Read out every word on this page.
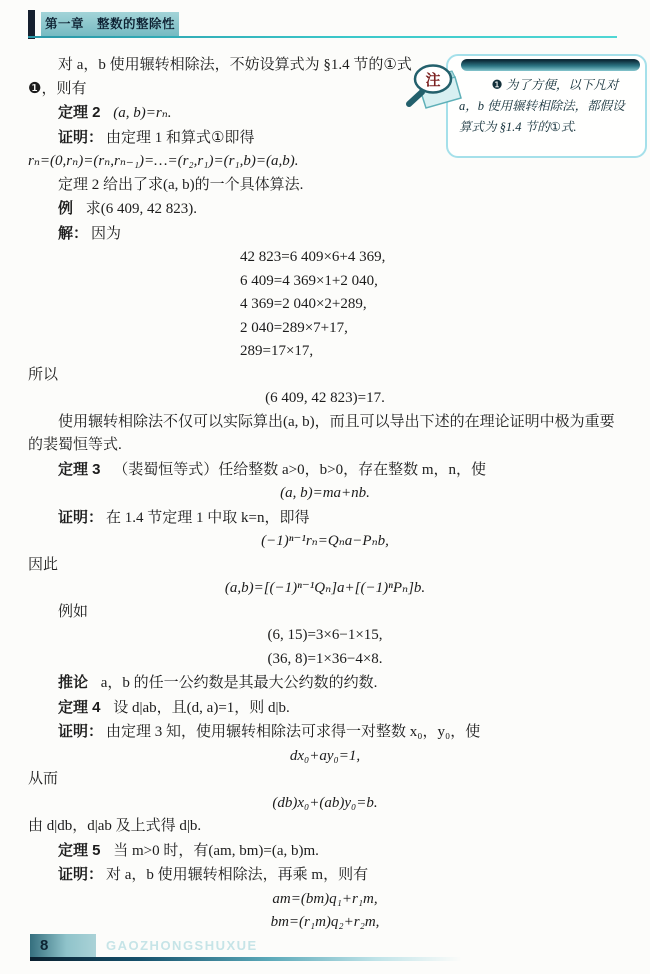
第一章　整数的整除性

❶ 为了方便，以下凡对 a，b 使用辗转相除法，都假设算式为 §1.4 节的①式.

注

对 a，b 使用辗转相除法，不妨设算式为 §1.4 节的①式❶，则有

定理 2 (a, b)=rₙ.

证明： 由定理 1 和算式①即得

rₙ=(0,rₙ)=(rₙ,rₙ₋₁)=…=(r₂,r₁)=(r₁,b)=(a,b).

定理 2 给出了求(a, b)的一个具体算法.

例 求(6 409, 42 823).

解： 因为

42 823=6 409×6+4 369,
6 409=4 369×1+2 040,
4 369=2 040×2+289,
2 040=289×7+17,
289=17×17,

所以

(6 409, 42 823)=17.

使用辗转相除法不仅可以实际算出(a, b)，而且可以导出下述的在理论证明中极为重要的裴蜀恒等式.

定理 3 （裴蜀恒等式）任给整数 a>0，b>0，存在整数 m，n，使

(a, b)=ma+nb.

证明： 在 1.4 节定理 1 中取 k=n，即得

(−1)ⁿ⁻¹rₙ=Qₙa−Pₙb,

因此

(a,b)=[(−1)ⁿ⁻¹Qₙ]a+[(−1)ⁿPₙ]b.

例如

(6, 15)=3×6−1×15,

(36, 8)=1×36−4×8.

推论 a，b 的任一公约数是其最大公约数的约数.

定理 4 设 d|ab，且(d, a)=1，则 d|b.

证明： 由定理 3 知，使用辗转相除法可求得一对整数 x₀，y₀，使

dx₀+ay₀=1,

从而

(db)x₀+(ab)y₀=b.

由 d|db，d|ab 及上式得 d|b.

定理 5 当 m>0 时，有(am, bm)=(a, b)m.

证明： 对 a，b 使用辗转相除法，再乘 m，则有

am=(bm)q₁+r₁m,

bm=(r₁m)q₂+r₂m,

8	GAOZHONGSHUXUE
